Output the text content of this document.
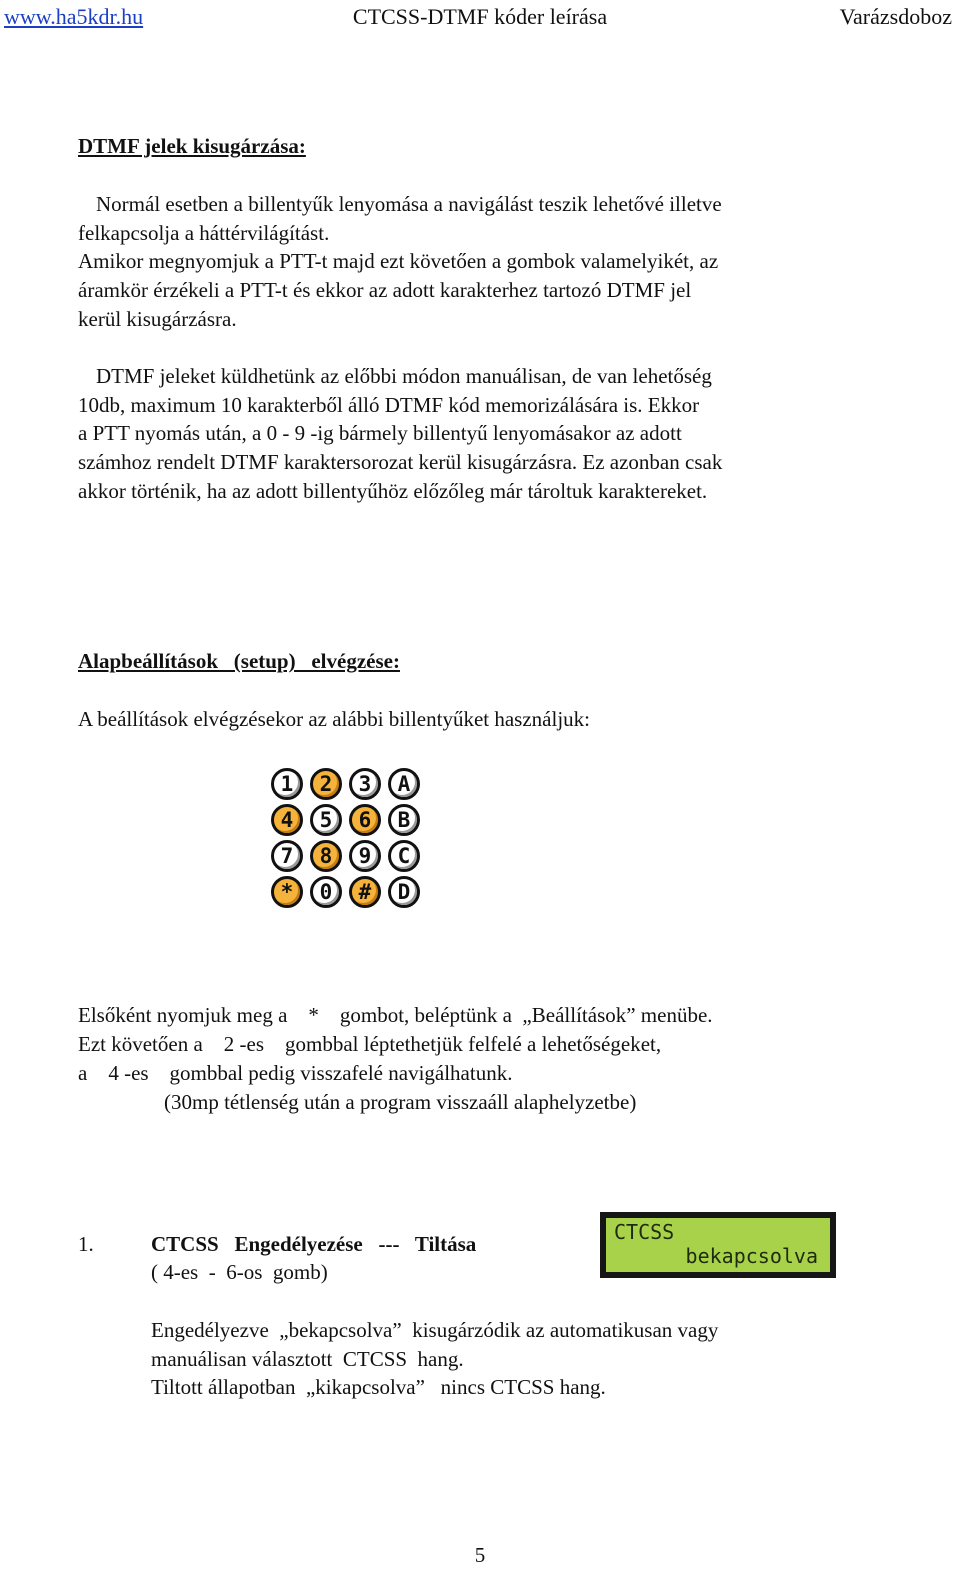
CTCSS-DTMF kóder leírása
www.ha5kdr.hu	Varázsdoboz
DTMF jelek kisugárzása:
Normál esetben a billentyűk lenyomása a navigálást teszik lehetővé illetve
felkapcsolja a háttérvilágítást.
Amikor megnyomjuk a PTT-t majd ezt követően a gombok valamelyikét, az
áramkör érzékeli a PTT-t és ekkor az adott karakterhez tartozó DTMF jel
kerül kisugárzásra.
DTMF jeleket küldhetünk az előbbi módon manuálisan, de van lehetőség
10db, maximum 10 karakterből álló DTMF kód memorizálására is. Ekkor
a PTT nyomás után, a 0 - 9 -ig bármely billentyű lenyomásakor az adott
számhoz rendelt DTMF karaktersorozat kerül kisugárzásra. Ez azonban csak
akkor történik, ha az adott billentyűhöz előzőleg már tároltuk karaktereket.
Alapbeállítások   (setup)   elvégzése:
A beállítások elvégzésekor az alábbi billentyűket használjuk:
1	2	3	A
4	5	6	B
7	8	9	C
*	0	#	D

Elsőként nyomjuk meg a    *    gombot, beléptünk a  „Beállítások” menübe.

(30mp tétlenség után a program visszaáll alaphelyzetbe)

Ezt követően a    2 -es    gombbal léptethetjük felfelé a lehetőségeket,
a    4 -es    gombbal pedig visszafelé navigálhatunk.
1.	CTCSS   Engedélyezése   ---   Tiltása
( 4-es  -  6-os  gomb)
CTCSS
bekapcsolva
Engedélyezve  „bekapcsolva”  kisugárzódik az automatikusan vagy
manuálisan választott  CTCSS  hang.
Tiltott állapotban  „kikapcsolva”   nincs CTCSS hang.
5
